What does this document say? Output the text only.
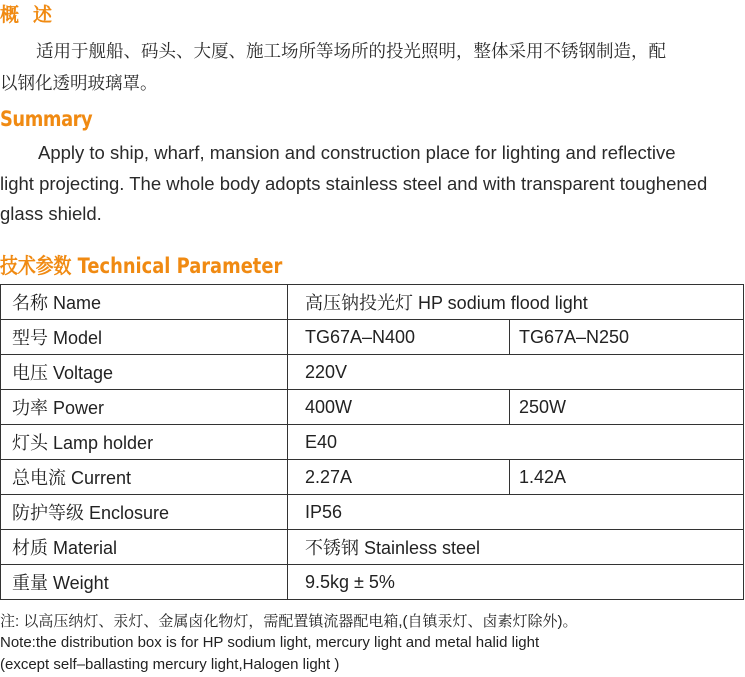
概述
适用于舰船、码头、大厦、施工场所等场所的投光照明，整体采用不锈钢制造，配
以钢化透明玻璃罩。
Summary
Apply to ship, wharf, mansion and construction place for lighting and reflective
light projecting. The whole body adopts stainless steel and with transparent toughened
glass shield.
技术参数 Technical Parameter
名称 Name	高压钠投光灯 HP sodium flood light	
型号 Model	TG67A–N400	TG67A–N250
电压 Voltage	220V	
功率 Power	400W	250W
灯头 Lamp holder	E40	
总电流 Current	2.27A	1.42A
防护等级 Enclosure	IP56	
材质 Material	不锈钢 Stainless steel	
重量 Weight	9.5kg ± 5%	
注: 以高压纳灯、汞灯、金属卤化物灯，需配置镇流器配电箱,(自镇汞灯、卤素灯除外)。
Note:the distribution box is for HP sodium light, mercury light and metal halid light
(except self–ballasting mercury light,Halogen light )
